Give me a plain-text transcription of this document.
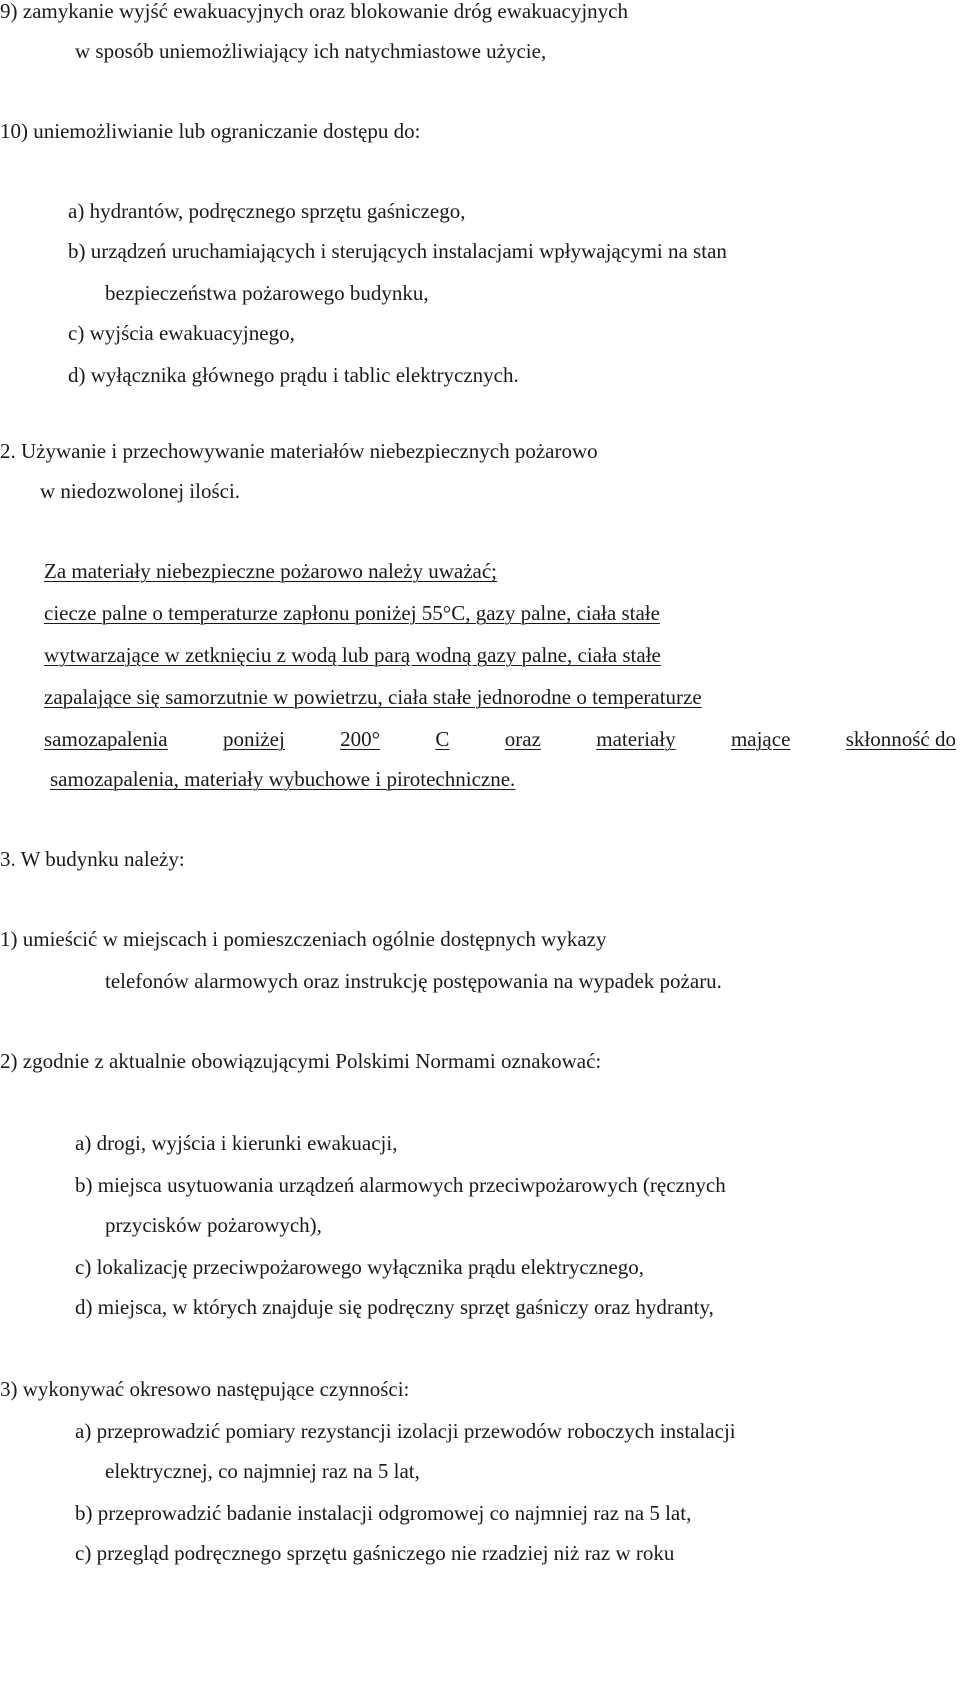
9) zamykanie wyjść ewakuacyjnych oraz blokowanie dróg ewakuacyjnych
w sposób uniemożliwiający ich natychmiastowe użycie,
10) uniemożliwianie lub ograniczanie dostępu do:
a) hydrantów, podręcznego sprzętu gaśniczego,
b) urządzeń uruchamiających i sterujących instalacjami wpływającymi na stan
bezpieczeństwa pożarowego budynku,
c) wyjścia ewakuacyjnego,
d) wyłącznika głównego prądu i tablic elektrycznych.
2. Używanie i przechowywanie materiałów niebezpiecznych pożarowo
w niedozwolonej ilości.
Za materiały niebezpieczne pożarowo należy uważać;
ciecze palne o temperaturze zapłonu poniżej 55°C, gazy palne, ciała stałe
wytwarzające w zetknięciu z wodą lub parą wodną gazy palne, ciała stałe
zapalające się samorzutnie w powietrzu, ciała stałe jednorodne o temperaturze
samozapalenia	poniżej	200°	C	oraz	materiały	mające	skłonność do
samozapalenia, materiały wybuchowe i pirotechniczne.
3. W budynku należy:
1) umieścić w miejscach i pomieszczeniach ogólnie dostępnych wykazy
telefonów alarmowych oraz instrukcję postępowania na wypadek pożaru.
2) zgodnie z aktualnie obowiązującymi Polskimi Normami oznakować:
a) drogi, wyjścia i kierunki ewakuacji,
b) miejsca usytuowania urządzeń alarmowych przeciwpożarowych (ręcznych
przycisków pożarowych),
c) lokalizację przeciwpożarowego wyłącznika prądu elektrycznego,
d) miejsca, w których znajduje się podręczny sprzęt gaśniczy oraz hydranty,
3) wykonywać okresowo następujące czynności:
a) przeprowadzić pomiary rezystancji izolacji przewodów roboczych instalacji
elektrycznej, co najmniej raz na 5 lat,
b) przeprowadzić badanie instalacji odgromowej co najmniej raz na 5 lat,
c) przegląd podręcznego sprzętu gaśniczego nie rzadziej niż raz w roku
